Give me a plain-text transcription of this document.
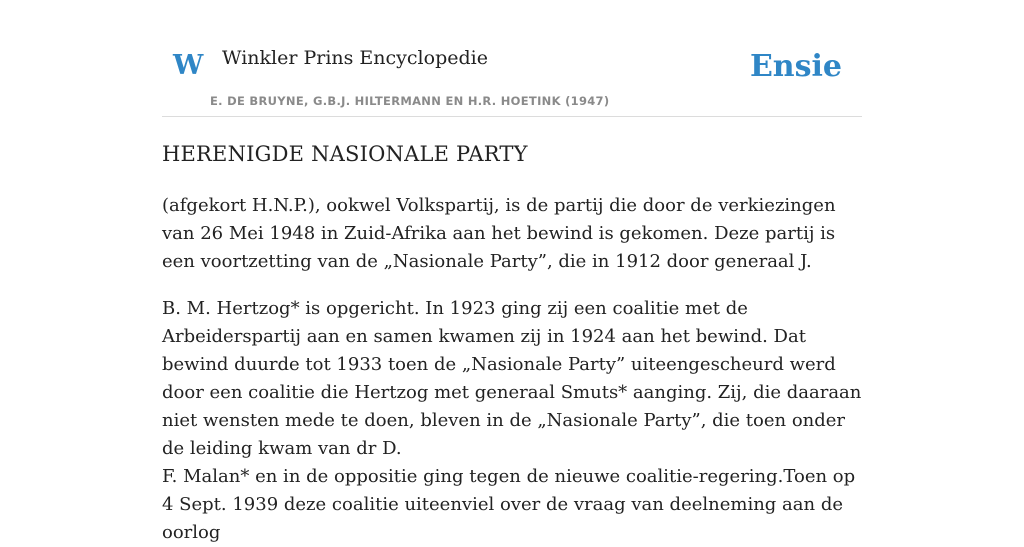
W Winkler Prins Encyclopedie
E. DE BRUYNE, G.B.J. HILTERMANN EN H.R. HOETINK (1947)
Ensie
HERENIGDE NASIONALE PARTY

(afgekort H.N.P.), ookwel Volkspartij, is de partij die door de verkiezingen van 26 Mei 1948 in Zuid-Afrika aan het bewind is gekomen. Deze partij is een voortzetting van de „Nasionale Party”, die in 1912 door generaal J.

B. M. Hertzog* is opgericht. In 1923 ging zij een coalitie met de Arbeiderspartij aan en samen kwamen zij in 1924 aan het bewind. Dat bewind duurde tot 1933 toen de „Nasionale Party” uiteengescheurd werd door een coalitie die Hertzog met generaal Smuts* aanging. Zij, die daaraan niet wensten mede te doen, bleven in de „Nasionale Party”, die toen onder de leiding kwam van dr D.

F. Malan* en in de oppositie ging tegen de nieuwe coalitie-regering.Toen op 4 Sept. 1939 deze coalitie uiteenviel over de vraag van deelneming aan de oorlog
